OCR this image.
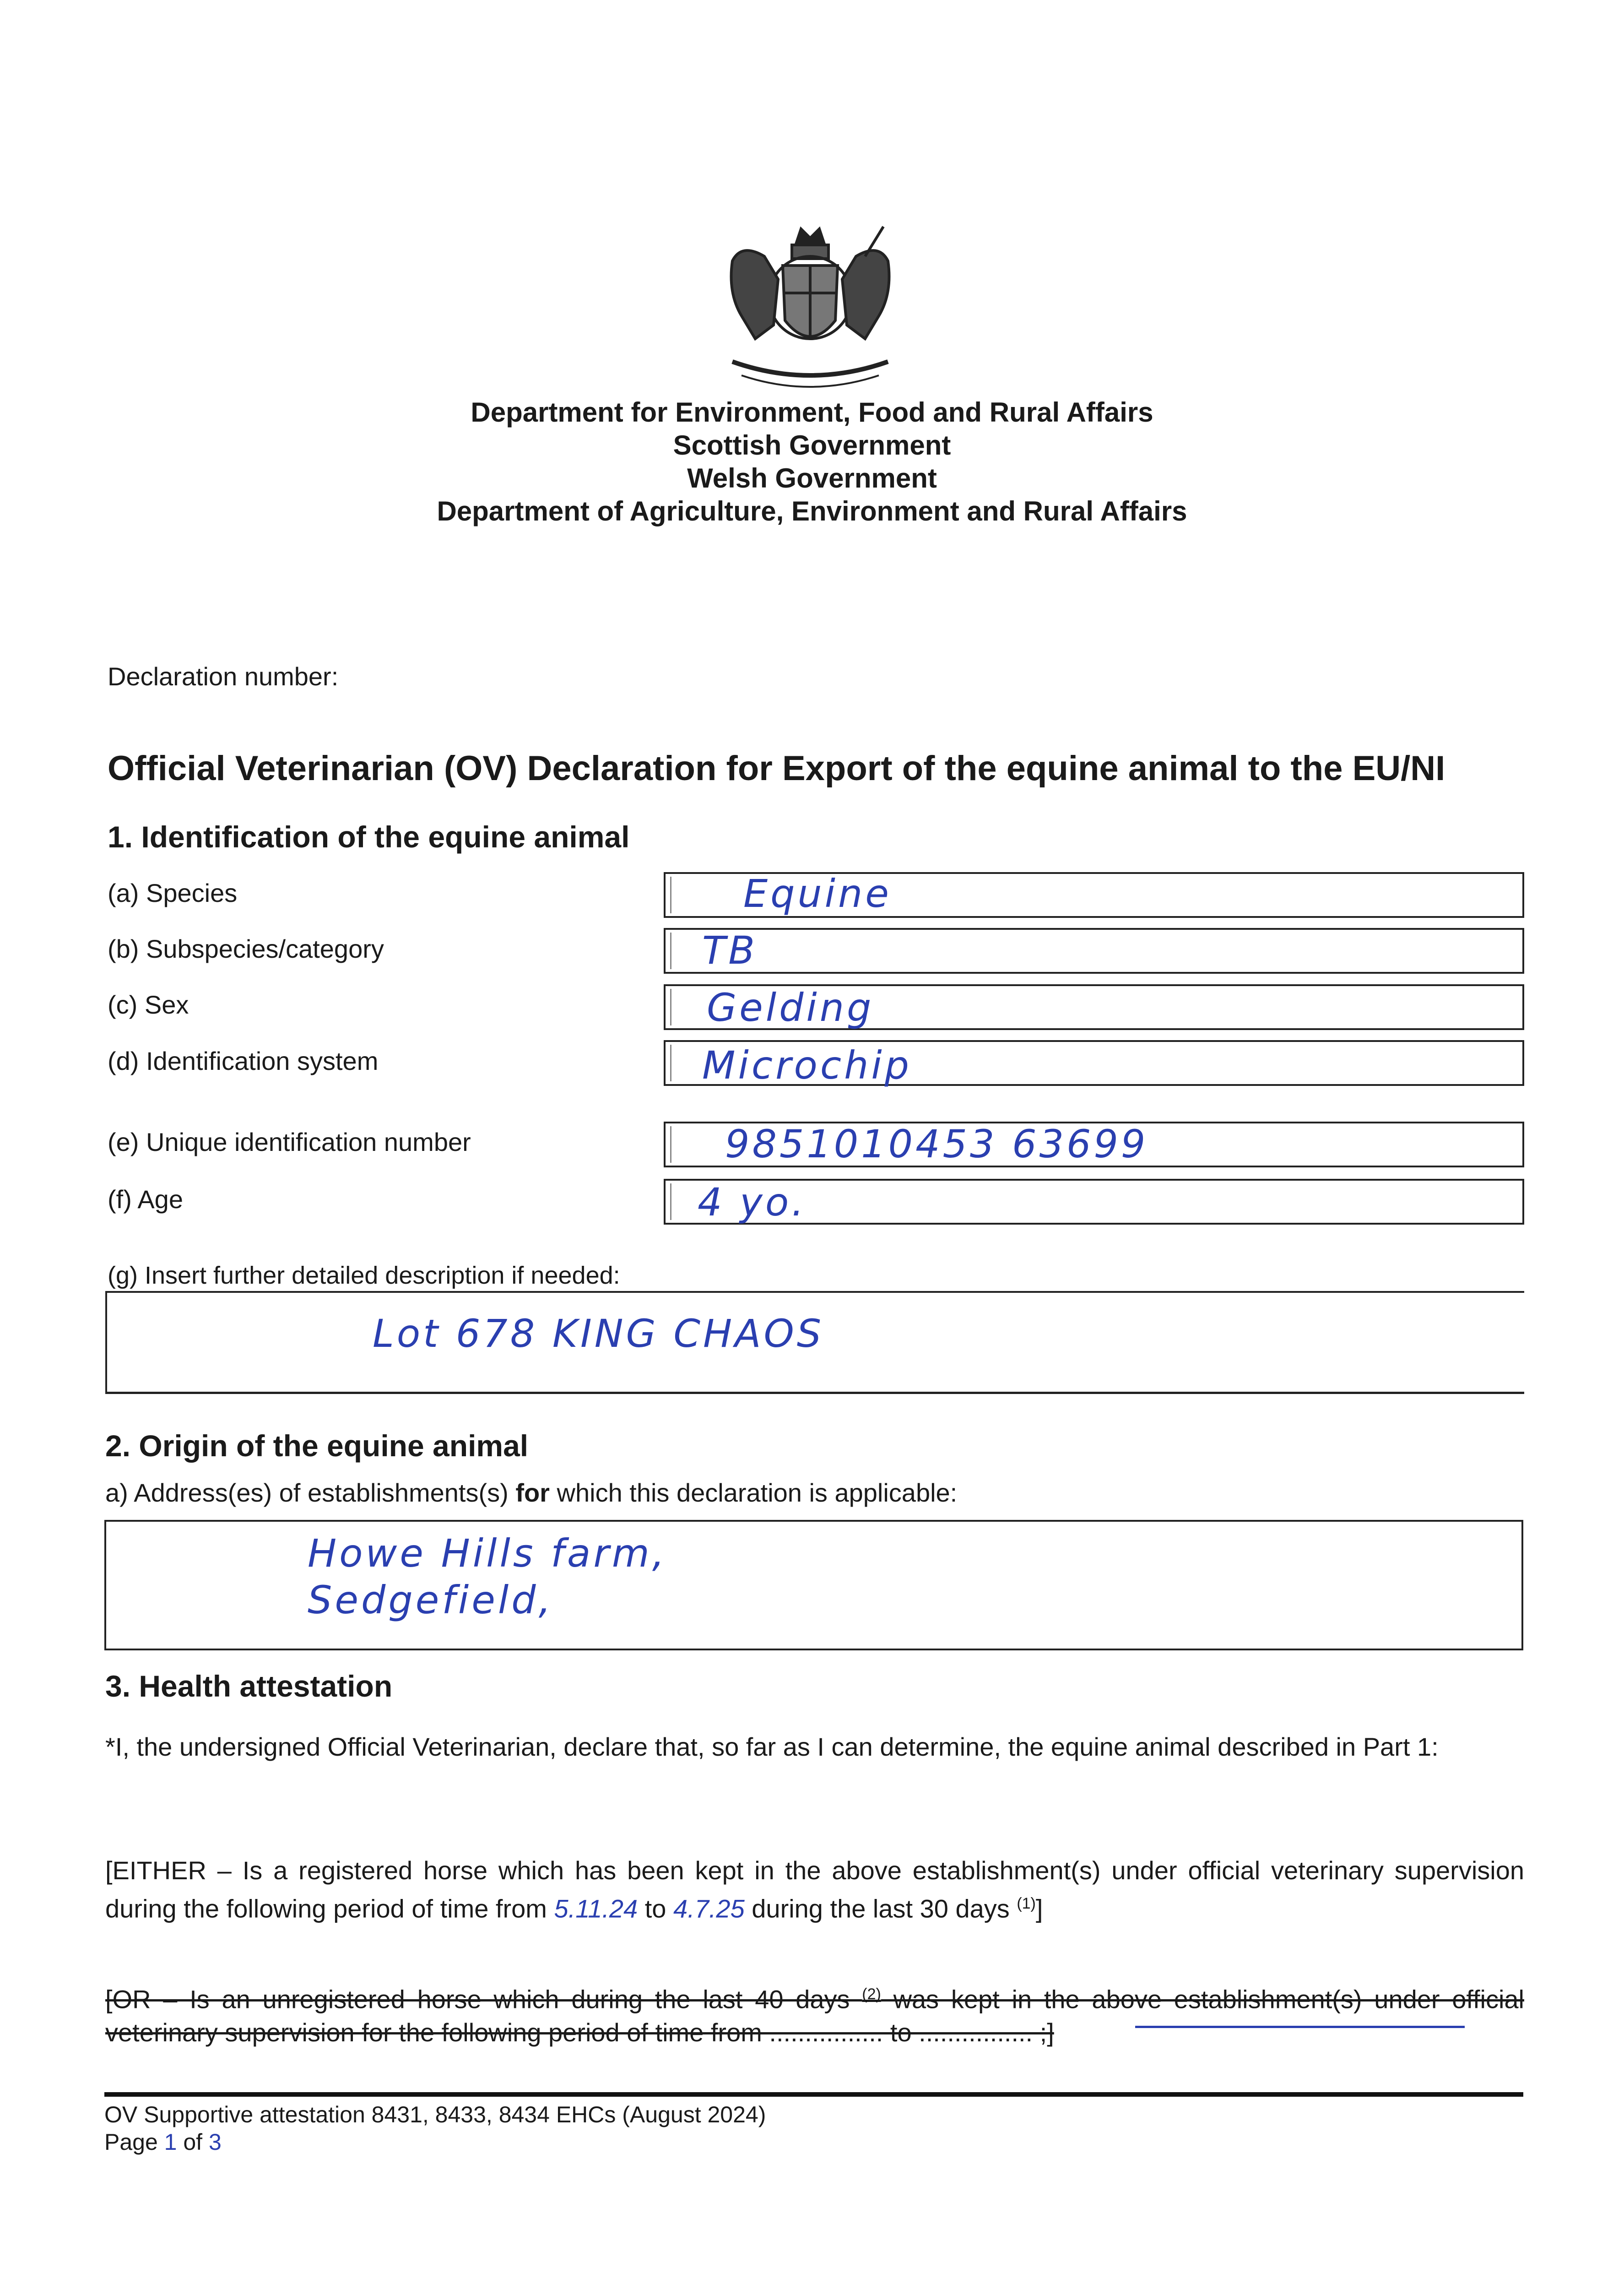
Department for Environment, Food and Rural Affairs
Scottish Government
Welsh Government
Department of Agriculture, Environment and Rural Affairs
Declaration number:
Official Veterinarian (OV) Declaration for Export of the equine animal to the EU/NI
1. Identification of the equine animal
(a) Species	Equine
(b) Subspecies/category	TB
(c) Sex	Gelding
(d) Identification system	Microchip
(e) Unique identification number	9851010453 63699
(f) Age	4 yo.
(g) Insert further detailed description if needed:
Lot 678 KING CHAOS
2. Origin of the equine animal
a) Address(es) of establishments(s) for which this declaration is applicable:
Howe Hills farm,
Sedgefield,
3. Health attestation
*I, the undersigned Official Veterinarian, declare that, so far as I can determine, the equine animal described in Part 1:
[EITHER – Is a registered horse which has been kept in the above establishment(s) under official veterinary supervision during the following period of time from 5.11.24 to 4.7.25 during the last 30 days $^{(1)}$]
[OR – Is an unregistered horse which during the last 40 days $^{(2)}$ was kept in the above establishment(s) under official veterinary supervision for the following period of time from ................ to ................ ;]
OV Supportive attestation 8431, 8433, 8434 EHCs (August 2024)
Page 1 of 3
